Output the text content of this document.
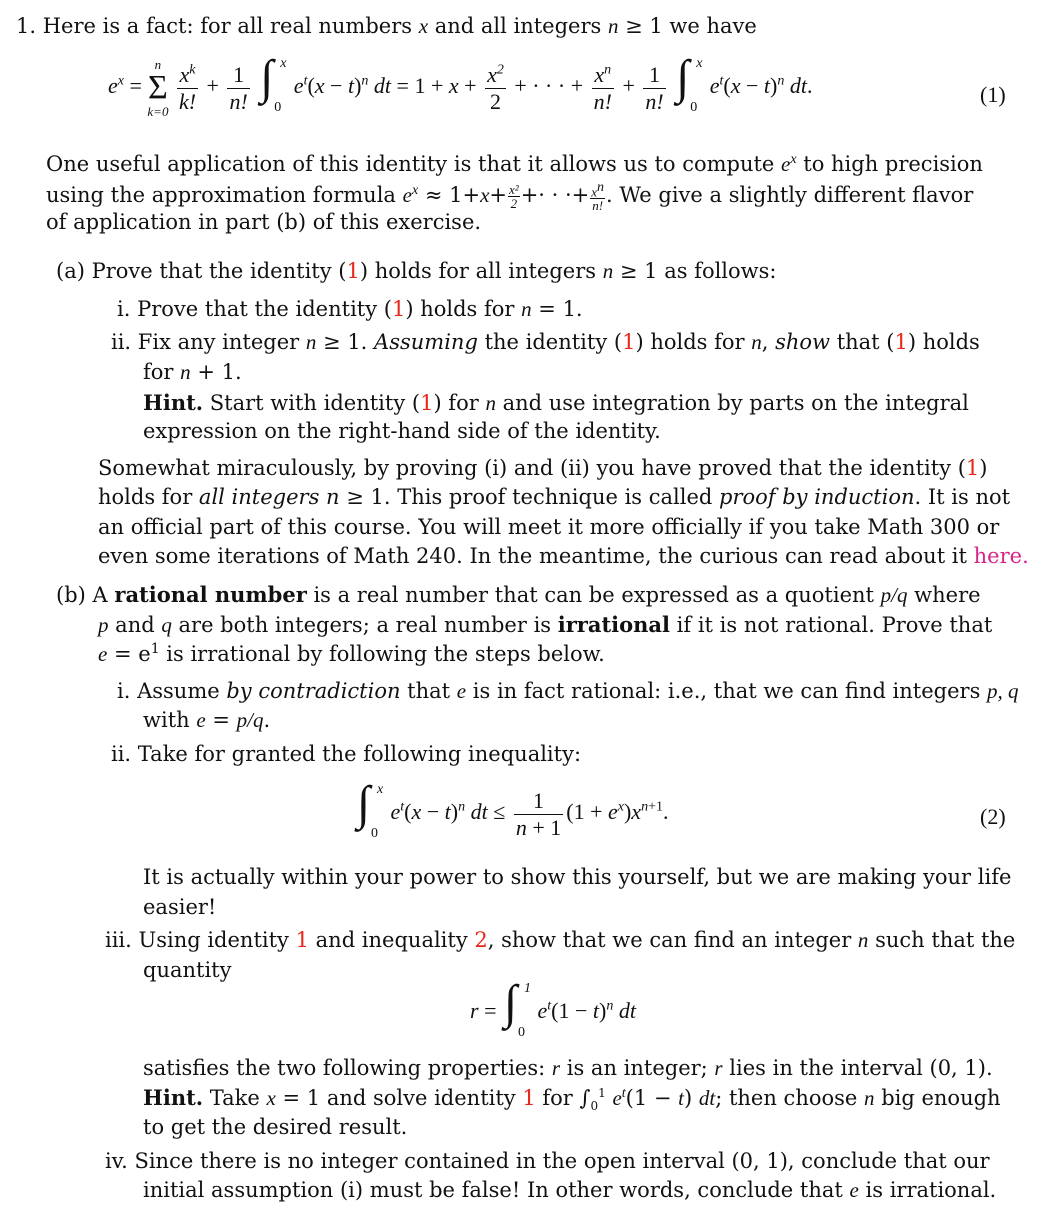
1. Here is a fact: for all real numbers x and all integers n ≥ 1 we have
$e^x = n$
Σ
$k=0 \frac{x^k}{k!} + \frac{1}{n!}$
∫ x
0
$e^t(x - t)^n$ dt = $1 + x + \frac{x^2}{2}$ + · · · + $\frac{x^n}{n!} + \frac{1}{n!}$
∫ x
0
$e^t(x - t)^n$ dt.	(1)
One useful application of this identity is that it allows us to compute $e^x$ to high precision
using the approximation formula $e^x \approx 1+x+ \frac{\text{x²}}{2}$ +· · ·+ $\frac{x^n}{n!}$ . We give a slightly different flavor
of application in part (b) of this exercise.
(a) Prove that the identity (1) holds for all integers n ≥ 1 as follows:
i. Prove that the identity (1) holds for n = 1.
ii. Fix any integer n ≥ 1. Assuming the identity (1) holds for n, show that (1) holds
for n + 1.
Hint. Start with identity (1) for n and use integration by parts on the integral
expression on the right-hand side of the identity.
Somewhat miraculously, by proving (i) and (ii) you have proved that the identity (1)
holds for all integers n ≥ 1. This proof technique is called proof by induction. It is not
an official part of this course. You will meet it more officially if you take Math 300 or
even some iterations of Math 240. In the meantime, the curious can read about it here.
(b) A rational number is a real number that can be expressed as a quotient p/q where
p and q are both integers; a real number is irrational if it is not rational. Prove that
$e = e^1$ is irrational by following the steps below.
i. Assume by contradiction that e is in fact rational: i.e., that we can find integers p, q
with e = p/q.
ii. Take for granted the following inequality:
∫ x
0
$e^t(x - t)^n$ dt ≤ $\frac{1}{n + 1} (1 + e^x)x^{n+1}$.	(2)
It is actually within your power to show this yourself, but we are making your life
easier!
iii. Using identity 1 and inequality 2, show that we can find an integer n such that the
quantity
r = ∫ 1
0
$e^t(1 - t)^n$ dt
satisfies the two following properties: r is an integer; r lies in the interval (0, 1).
Hint. Take x = 1 and solve identity 1 for $\int_0^1$ $e^t(1 - t)$ dt; then choose n big enough
to get the desired result.
iv. Since there is no integer contained in the open interval (0, 1), conclude that our
initial assumption (i) must be false! In other words, conclude that e is irrational.
